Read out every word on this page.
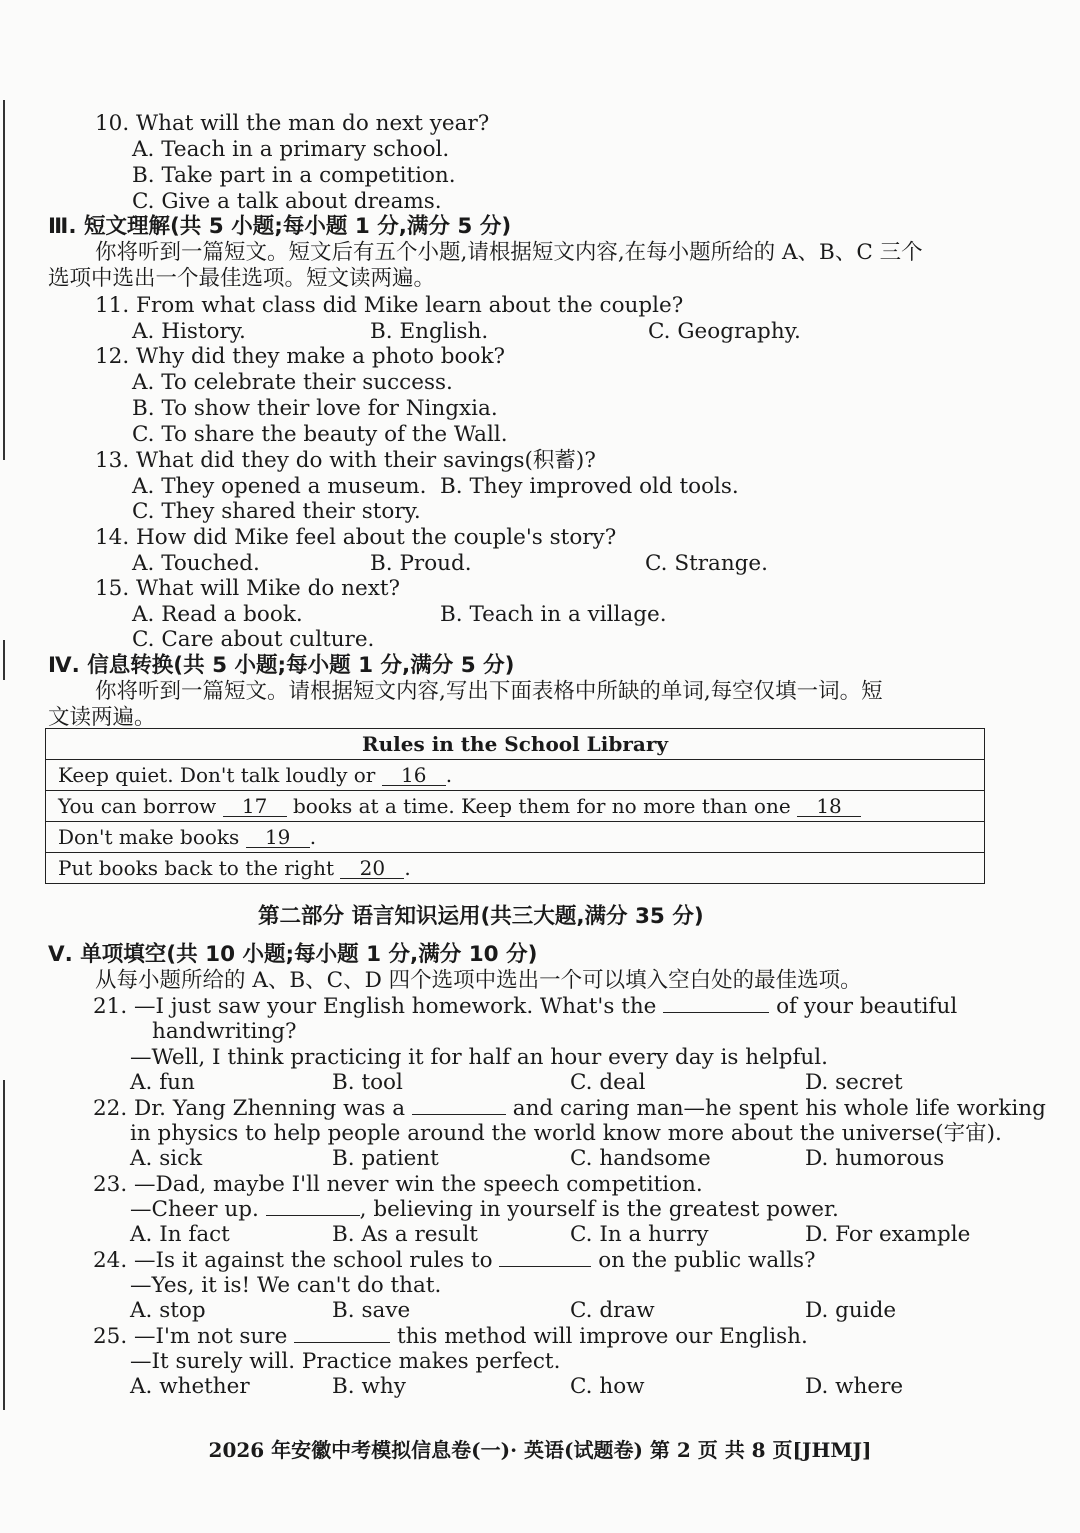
10. What will the man do next year?
A. Teach in a primary school.
B. Take part in a competition.
C. Give a talk about dreams.
Ⅲ. 短文理解(共 5 小题;每小题 1 分,满分 5 分)
你将听到一篇短文。短文后有五个小题,请根据短文内容,在每小题所给的 A、B、C 三个
选项中选出一个最佳选项。短文读两遍。
11. From what class did Mike learn about the couple?
A. History.	B. English.	C. Geography.
12. Why did they make a photo book?
A. To celebrate their success.
B. To show their love for Ningxia.
C. To share the beauty of the Wall.
13. What did they do with their savings(积蓄)?
A. They opened a museum. B. They improved old tools.
C. They shared their story.
14. How did Mike feel about the couple's story?
A. Touched.	B. Proud.	C. Strange.
15. What will Mike do next?
A. Read a book.	B. Teach in a village.
C. Care about culture.
Ⅳ. 信息转换(共 5 小题;每小题 1 分,满分 5 分)
你将听到一篇短文。请根据短文内容,写出下面表格中所缺的单词,每空仅填一词。短
文读两遍。
Rules in the School Library
Keep quiet. Don't talk loudly or 16 .
You can borrow 17 books at a time. Keep them for no more than one 18
Don't make books 19 .
Put books back to the right 20 .
第二部分 语言知识运用(共三大题,满分 35 分)
Ⅴ. 单项填空(共 10 小题;每小题 1 分,满分 10 分)
从每小题所给的 A、B、C、D 四个选项中选出一个可以填入空白处的最佳选项。
21. —I just saw your English homework. What's the	of your beautiful
handwriting?
—Well, I think practicing it for half an hour every day is helpful.
A. fun	B. tool	C. deal	D. secret
22. Dr. Yang Zhenning was a	and caring man—he spent his whole life working
in physics to help people around the world know more about the universe(宇宙).
A. sick	B. patient	C. handsome	D. humorous
23. —Dad, maybe I'll never win the speech competition.
—Cheer up.	, believing in yourself is the greatest power.
A. In fact	B. As a result	C. In a hurry	D. For example
24. —Is it against the school rules to	on the public walls?
—Yes, it is! We can't do that.
A. stop	B. save	C. draw	D. guide
25. —I'm not sure	this method will improve our English.
—It surely will. Practice makes perfect.
A. whether	B. why	C. how	D. where
2026 年安徽中考模拟信息卷(一)· 英语(试题卷) 第 2 页 共 8 页[JHMJ]
